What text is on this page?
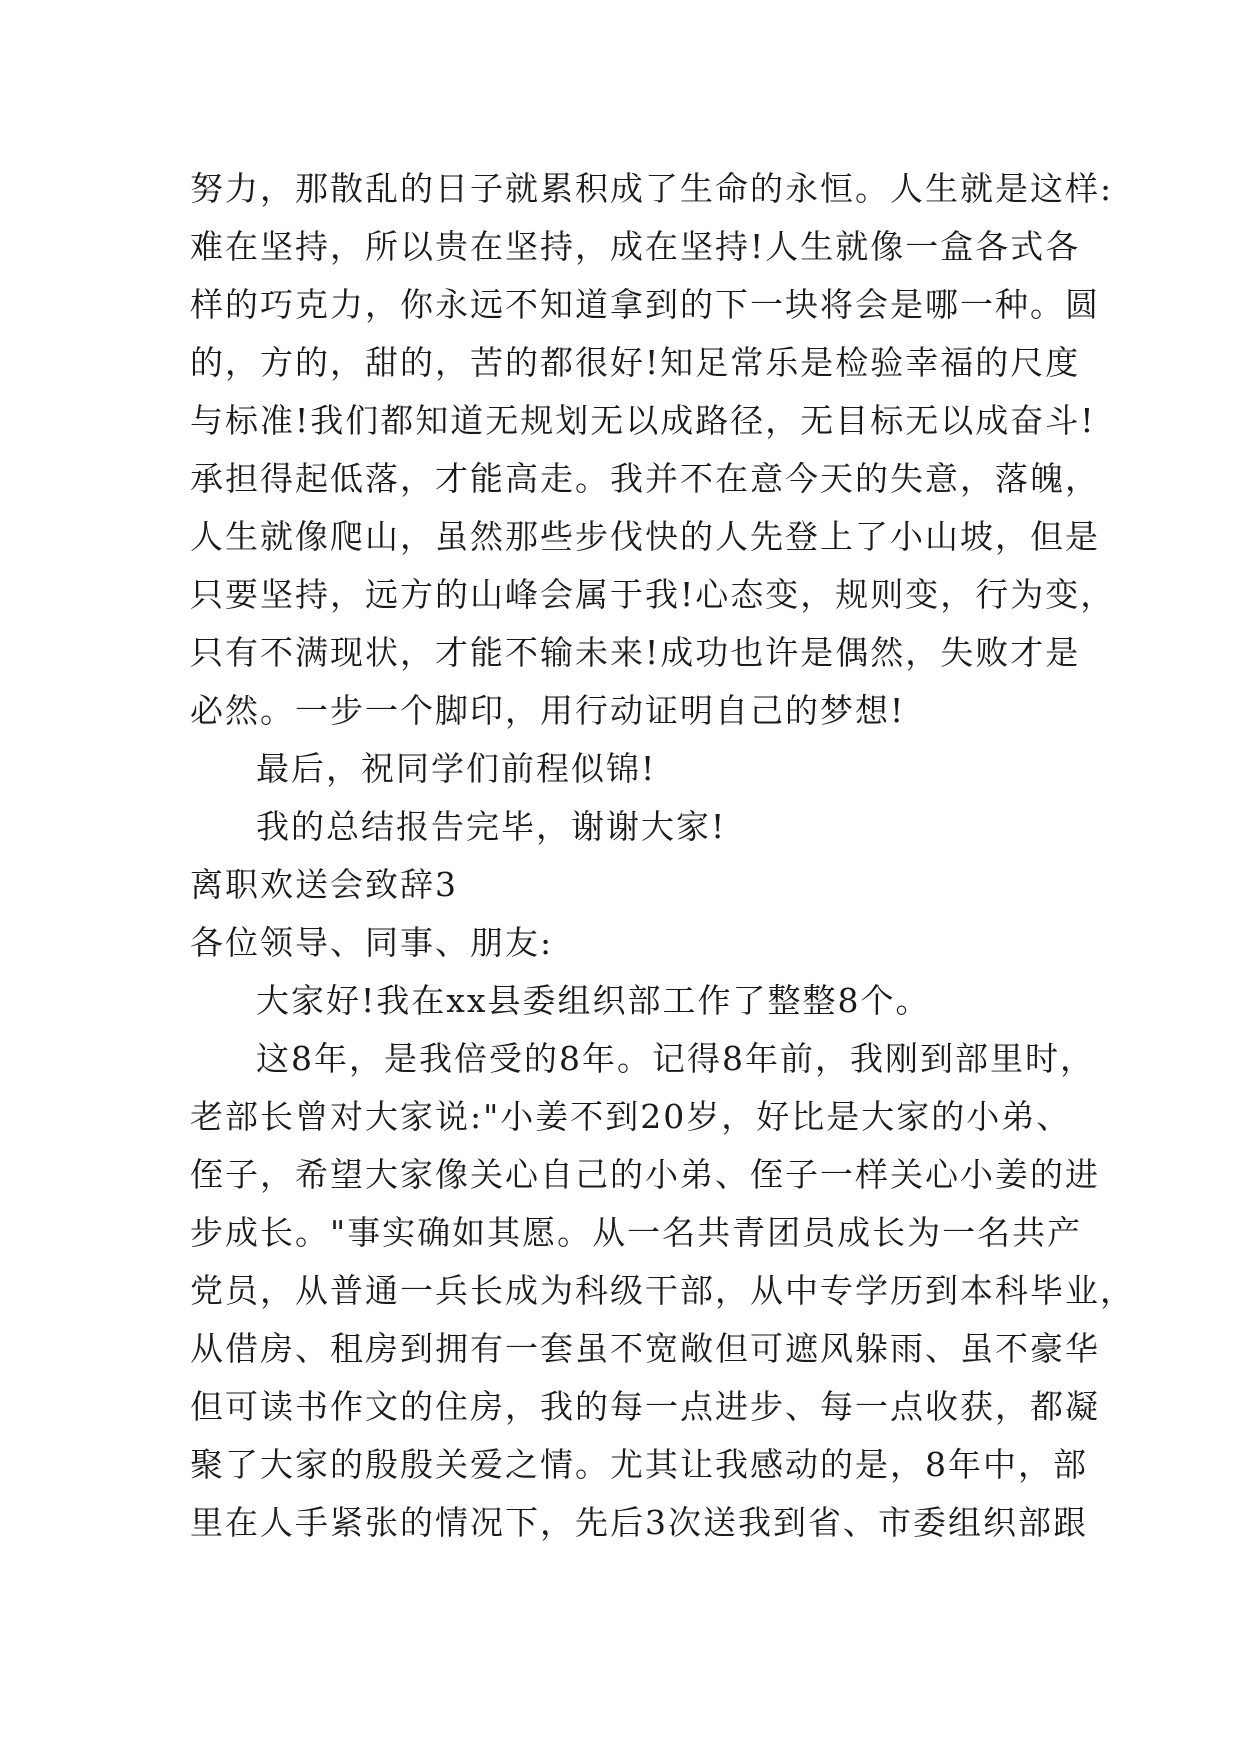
努力，那散乱的日子就累积成了生命的永恒。人生就是这样:
难在坚持，所以贵在坚持，成在坚持!人生就像一盒各式各
样的巧克力，你永远不知道拿到的下一块将会是哪一种。圆
的，方的，甜的，苦的都很好!知足常乐是检验幸福的尺度
与标准!我们都知道无规划无以成路径，无目标无以成奋斗!
承担得起低落，才能高走。我并不在意今天的失意，落魄，
人生就像爬山，虽然那些步伐快的人先登上了小山坡，但是
只要坚持，远方的山峰会属于我!心态变，规则变，行为变，
只有不满现状，才能不输未来!成功也许是偶然，失败才是
必然。一步一个脚印，用行动证明自己的梦想!
最后，祝同学们前程似锦!
我的总结报告完毕，谢谢大家!
离职欢送会致辞3
各位领导、同事、朋友:
大家好!我在xx县委组织部工作了整整8个。
这8年，是我倍受的8年。记得8年前，我刚到部里时，
老部长曾对大家说:"小姜不到20岁，好比是大家的小弟、
侄子，希望大家像关心自己的小弟、侄子一样关心小姜的进
步成长。"事实确如其愿。从一名共青团员成长为一名共产
党员，从普通一兵长成为科级干部，从中专学历到本科毕业，
从借房、租房到拥有一套虽不宽敞但可遮风躲雨、虽不豪华
但可读书作文的住房，我的每一点进步、每一点收获，都凝
聚了大家的殷殷关爱之情。尤其让我感动的是，8年中，部
里在人手紧张的情况下，先后3次送我到省、市委组织部跟
